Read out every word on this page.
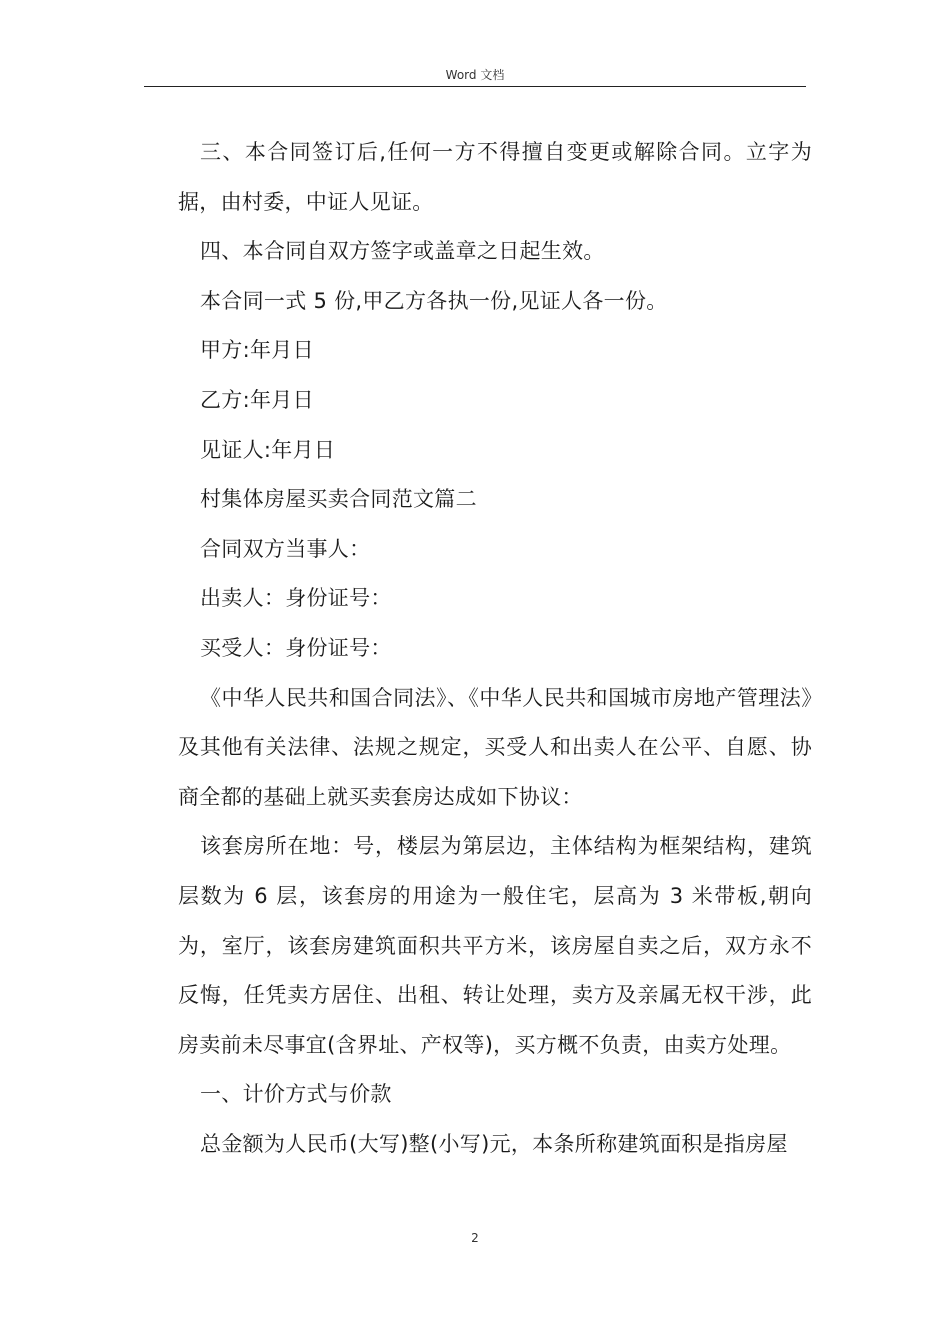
Word 文档

三、本合同签订后,任何一方不得擅自变更或解除合同。立字为据，由村委，中证人见证。

四、本合同自双方签字或盖章之日起生效。

本合同一式 5 份,甲乙方各执一份,见证人各一份。

甲方:年月日

乙方:年月日

见证人:年月日

村集体房屋买卖合同范文篇二

合同双方当事人：

出卖人：身份证号：

买受人：身份证号：

《中华人民共和国合同法》、《中华人民共和国城市房地产管理法》及其他有关法律、法规之规定，买受人和出卖人在公平、自愿、协商全都的基础上就买卖套房达成如下协议：

该套房所在地：号，楼层为第层边，主体结构为框架结构，建筑层数为 6 层，该套房的用途为一般住宅，层高为 3 米带板,朝向为，室厅，该套房建筑面积共平方米，该房屋自卖之后，双方永不反悔，任凭卖方居住、出租、转让处理，卖方及亲属无权干涉，此房卖前未尽事宜(含界址、产权等)，买方概不负责，由卖方处理。

一、计价方式与价款

总金额为人民币(大写)整(小写)元，本条所称建筑面积是指房屋

2
